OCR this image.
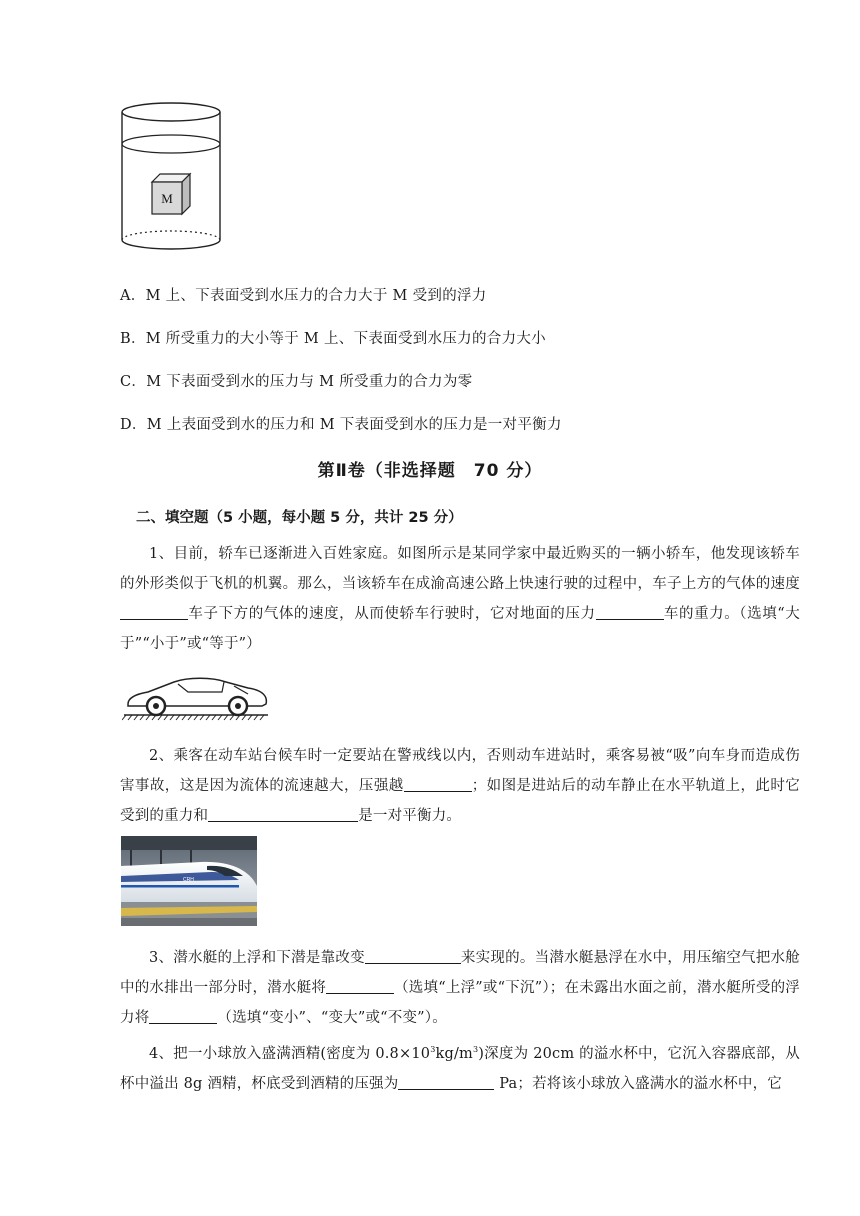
M
A．M 上、下表面受到水压力的合力大于 M 受到的浮力
B．M 所受重力的大小等于 M 上、下表面受到水压力的合力大小
C．M 下表面受到水的压力与 M 所受重力的合力为零
D．M 上表面受到水的压力和 M 下表面受到水的压力是一对平衡力
第Ⅱ卷（非选择题　70 分）
二、填空题（5 小题，每小题 5 分，共计 25 分）
1、目前，轿车已逐渐进入百姓家庭。如图所示是某同学家中最近购买的一辆小轿车，他发现该轿车的外形类似于飞机的机翼。那么，当该轿车在成渝高速公路上快速行驶的过程中，车子上方的气体的速度车子下方的气体的速度，从而使轿车行驶时，它对地面的压力	车的重力。（选填“大于”“小于”或“等于”）
2、乘客在动车站台候车时一定要站在警戒线以内，否则动车进站时，乘客易被“吸”向车身而造成伤害事故，这是因为流体的流速越大，压强越	；如图是进站后的动车静止在水平轨道上，此时它受到的重力和	是一对平衡力。
CRH
3、潜水艇的上浮和下潜是靠改变	来实现的。当潜水艇悬浮在水中，用压缩空气把水舱中的水排出一部分时，潜水艇将	（选填“上浮”或“下沉”）；在未露出水面之前，潜水艇所受的浮力将	（选填“变小”、“变大”或“不变”）。
4、把一小球放入盛满酒精(密度为 $0.8\times 10^3kg/m^3$)深度为 20cm 的溢水杯中，它沉入容器底部，从杯中溢出 8g 酒精，杯底受到酒精的压强为	Pa；若将该小球放入盛满水的溢水杯中，它
